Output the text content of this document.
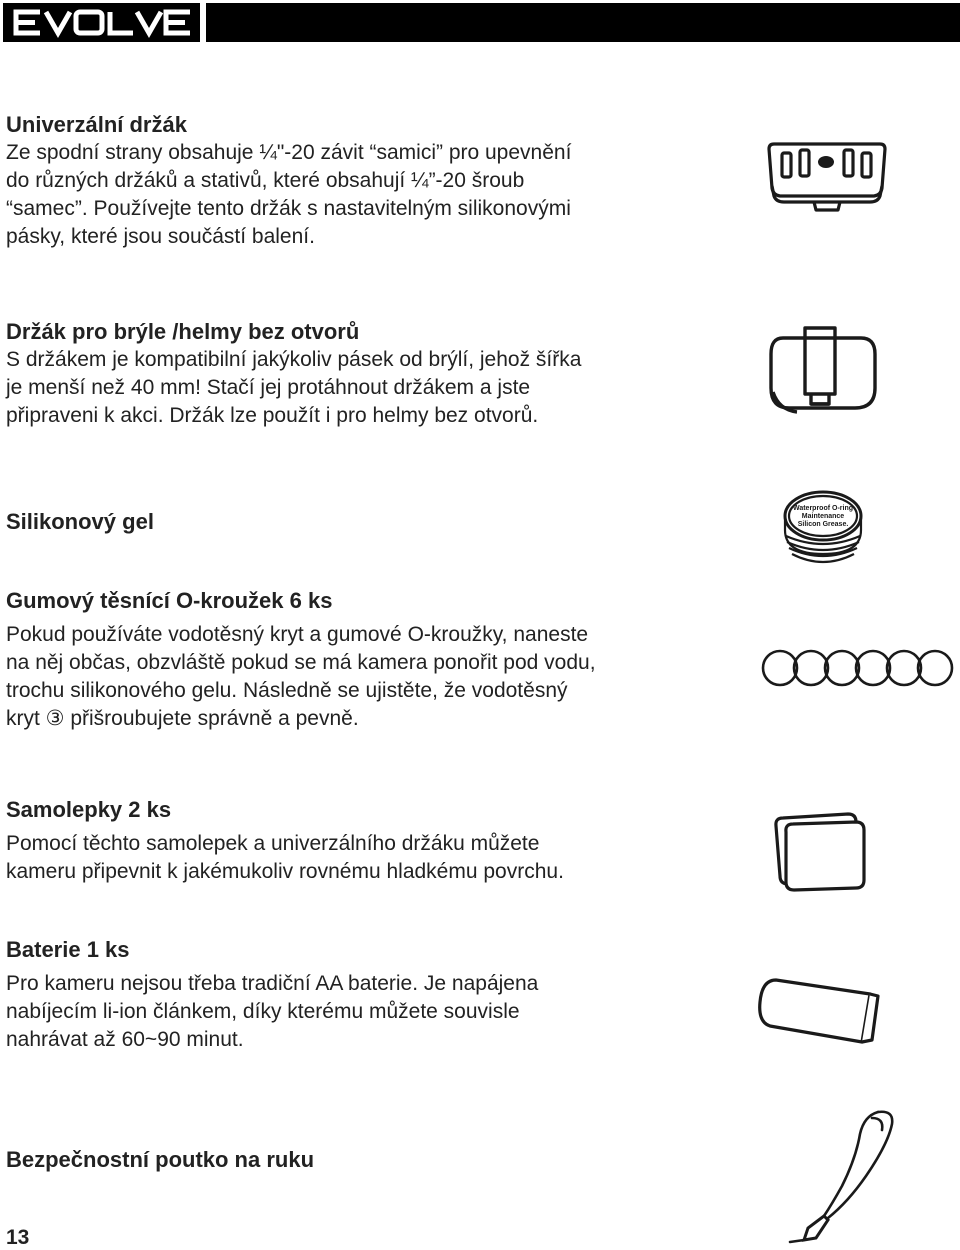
Univerzální držák
Ze spodní strany obsahuje ¼"-20 závit “samici” pro upevnění
do různých držáků a stativů, které obsahují ¼”-20 šroub
“samec”. Používejte tento držák s nastavitelným silikonovými
pásky, které jsou součástí balení.
Držák pro brýle /helmy bez otvorů
S držákem je kompatibilní jakýkoliv pásek od brýlí, jehož šířka
je menší než 40 mm! Stačí jej protáhnout držákem a jste
připraveni k akci. Držák lze použít i pro helmy bez otvorů.
Silikonový gel
Gumový těsnící O-kroužek 6 ks
Pokud používáte vodotěsný kryt a gumové O-kroužky, naneste
na něj občas, obzvláště pokud se má kamera ponořit pod vodu,
trochu silikonového gelu. Následně se ujistěte, že vodotěsný
kryt ③ přišroubujete správně a pevně.
Samolepky 2 ks
Pomocí těchto samolepek a univerzálního držáku můžete
kameru připevnit k jakémukoliv rovnému hladkému povrchu.
Baterie 1 ks
Pro kameru nejsou třeba tradiční AA baterie. Je napájena
nabíjecím li-ion článkem, díky kterému můžete souvisle
nahrávat až 60~90 minut.
Bezpečnostní poutko na ruku
Waterproof O-ring
Maintenance
Silicon Grease.
13
